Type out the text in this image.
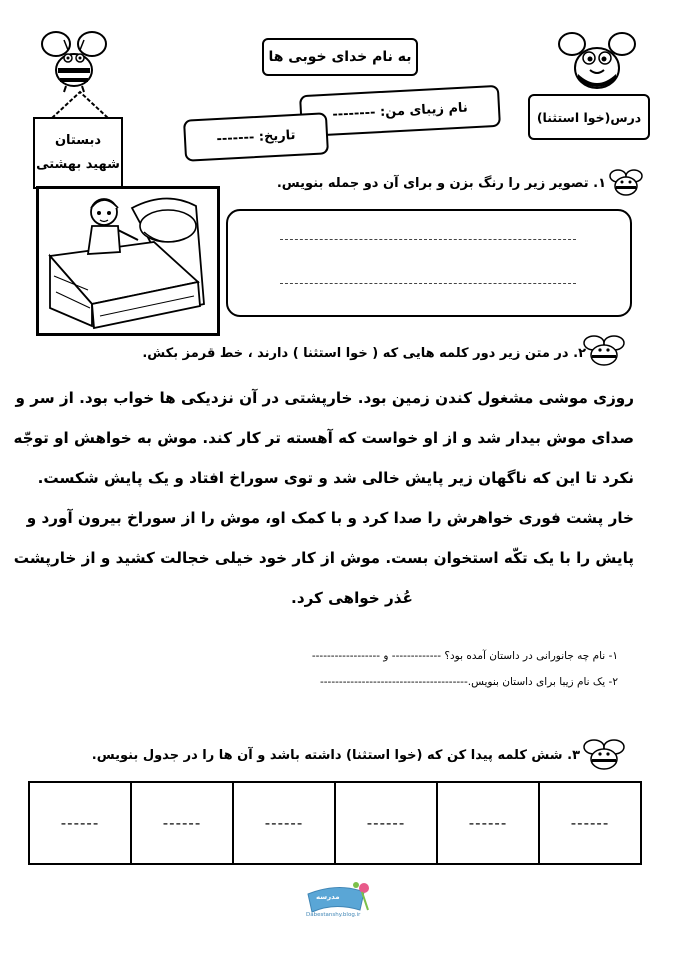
به نام خدای خوبی ها
نام زیبای من: --------
تاریخ: -------
درس(خوا استثنا)
دبستان
شهید بهشتی
۱. تصویر زیر را رنگ بزن و برای آن دو جمله بنویس.
۲. در متن زیر دور کلمه هایی که ( خوا استثنا ) دارند ، خط قرمز بکش.

روزی موشی مشغول کندن زمین بود. خارپشتی در آن نزدیکی ها خواب بود. از سر و

صدای موش بیدار شد و از او خواست که آهسته تر کار کند. موش به خواهش او توجّه

نکرد تا این که ناگهان زیر پایش خالی شد و توی سوراخ افتاد و یک پایش شکست.

خار پشت فوری خواهرش را صدا کرد و با کمک او، موش را از سوراخ بیرون آورد و

پایش را با یک تکّه استخوان بست. موش از کار خود خیلی خجالت کشید و از خارپشت

عُذر خواهی کرد.

۱- نام چه جانورانی در داستان آمده بود؟ ------------- و ------------------
۲- یک نام زیبا برای داستان بنویس.---------------------------------------
۳. شش کلمه پیدا کن که (خوا استثنا) داشته باشد و آن ها را در جدول بنویس.
------	------	------	------	------	------
مدرسه
Dabestanshy.blog.ir
